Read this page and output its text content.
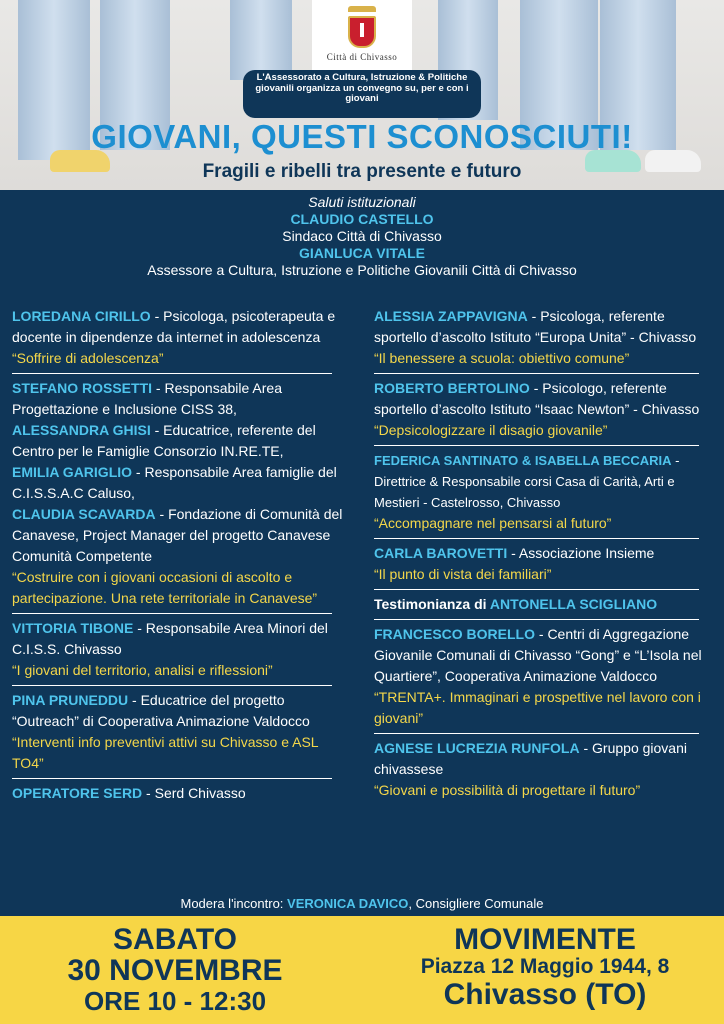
Città di Chivasso
L'Assessorato a Cultura, Istruzione & Politiche giovanili organizza un convegno su, per e con i giovani
GIOVANI, QUESTI SCONOSCIUTI!
Fragili e ribelli tra presente e futuro
Saluti istituzionali
CLAUDIO CASTELLO
Sindaco Città di Chivasso
GIANLUCA VITALE
Assessore a Cultura, Istruzione e Politiche Giovanili Città di Chivasso

LOREDANA CIRILLO - Psicologa, psicoterapeuta e docente in dipendenze da internet in adolescenza

“Soffrire di adolescenza”

STEFANO ROSSETTI - Responsabile Area Progettazione e Inclusione CISS 38,

ALESSANDRA GHISI - Educatrice, referente del Centro per le Famiglie Consorzio IN.RE.TE,

EMILIA GARIGLIO - Responsabile Area famiglie del C.I.S.S.A.C Caluso,

CLAUDIA SCAVARDA - Fondazione di Comunità del Canavese, Project Manager del progetto Canavese Comunità Competente

“Costruire con i giovani occasioni di ascolto e partecipazione. Una rete territoriale in Canavese”

VITTORIA TIBONE - Responsabile Area Minori del C.I.S.S. Chivasso

“I giovani del territorio, analisi e riflessioni”

PINA PRUNEDDU - Educatrice del progetto “Outreach” di Cooperativa Animazione Valdocco

“Interventi info preventivi attivi su Chivasso e ASL TO4”

OPERATORE SERD - Serd Chivasso

ALESSIA ZAPPAVIGNA - Psicologa, referente sportello d’ascolto Istituto “Europa Unita” - Chivasso

“Il benessere a scuola: obiettivo comune”

ROBERTO BERTOLINO - Psicologo, referente sportello d’ascolto Istituto “Isaac Newton” - Chivasso

“Depsicologizzare il disagio giovanile”

FEDERICA SANTINATO & ISABELLA BECCARIA - Direttrice & Responsabile corsi Casa di Carità, Arti e Mestieri - Castelrosso, Chivasso

“Accompagnare nel pensarsi al futuro”

CARLA BAROVETTI - Associazione Insieme

“Il punto di vista dei familiari”

Testimonianza di ANTONELLA SCIGLIANO

FRANCESCO BORELLO - Centri di Aggregazione Giovanile Comunali di Chivasso “Gong” e “L’Isola nel Quartiere”, Cooperativa Animazione Valdocco

“TRENTA+. Immaginari e prospettive nel lavoro con i giovani”

AGNESE LUCREZIA RUNFOLA - Gruppo giovani chivassese

“Giovani e possibilità di progettare il futuro”
Modera l'incontro: VERONICA DAVICO, Consigliere Comunale
SABATO
30 NOVEMBRE
ORE 10 - 12:30
MOVIMENTE
Piazza 12 Maggio 1944, 8
Chivasso (TO)
